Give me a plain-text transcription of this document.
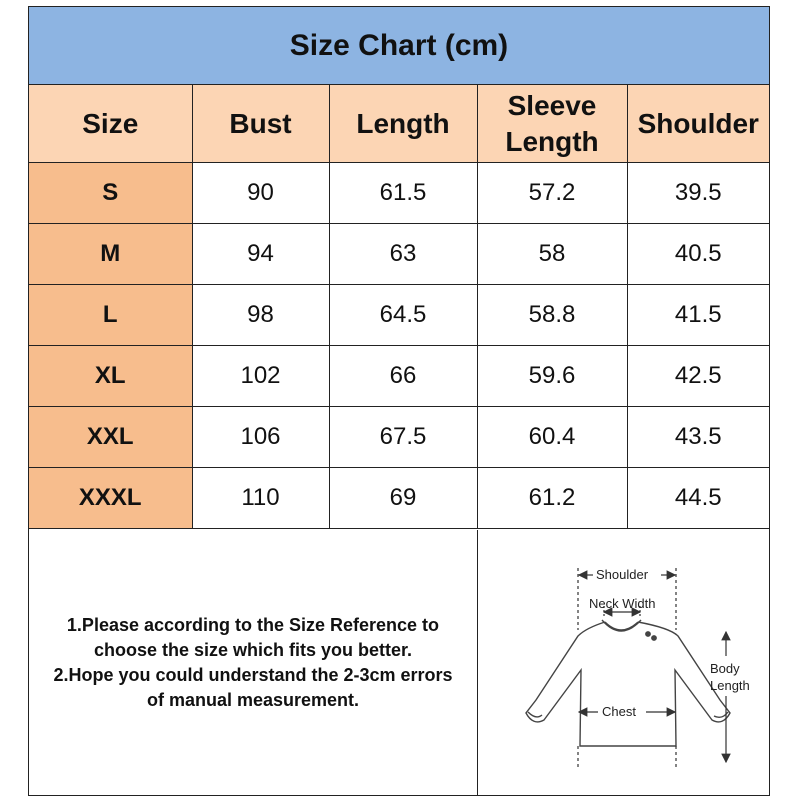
Size Chart (cm)
Size	Bust	Length	Sleeve Length	Shoulder
S	90	61.5	57.2	39.5
M	94	63	58	40.5
L	98	64.5	58.8	41.5
XL	102	66	59.6	42.5
XXL	106	67.5	60.4	43.5
XXXL	110	69	61.2	44.5
1.Please according to the Size Reference to
choose the size which fits you better.
2.Hope you could understand the 2-3cm errors
of manual measurement.
Shoulder
Neck Width
Chest
Body
Length
